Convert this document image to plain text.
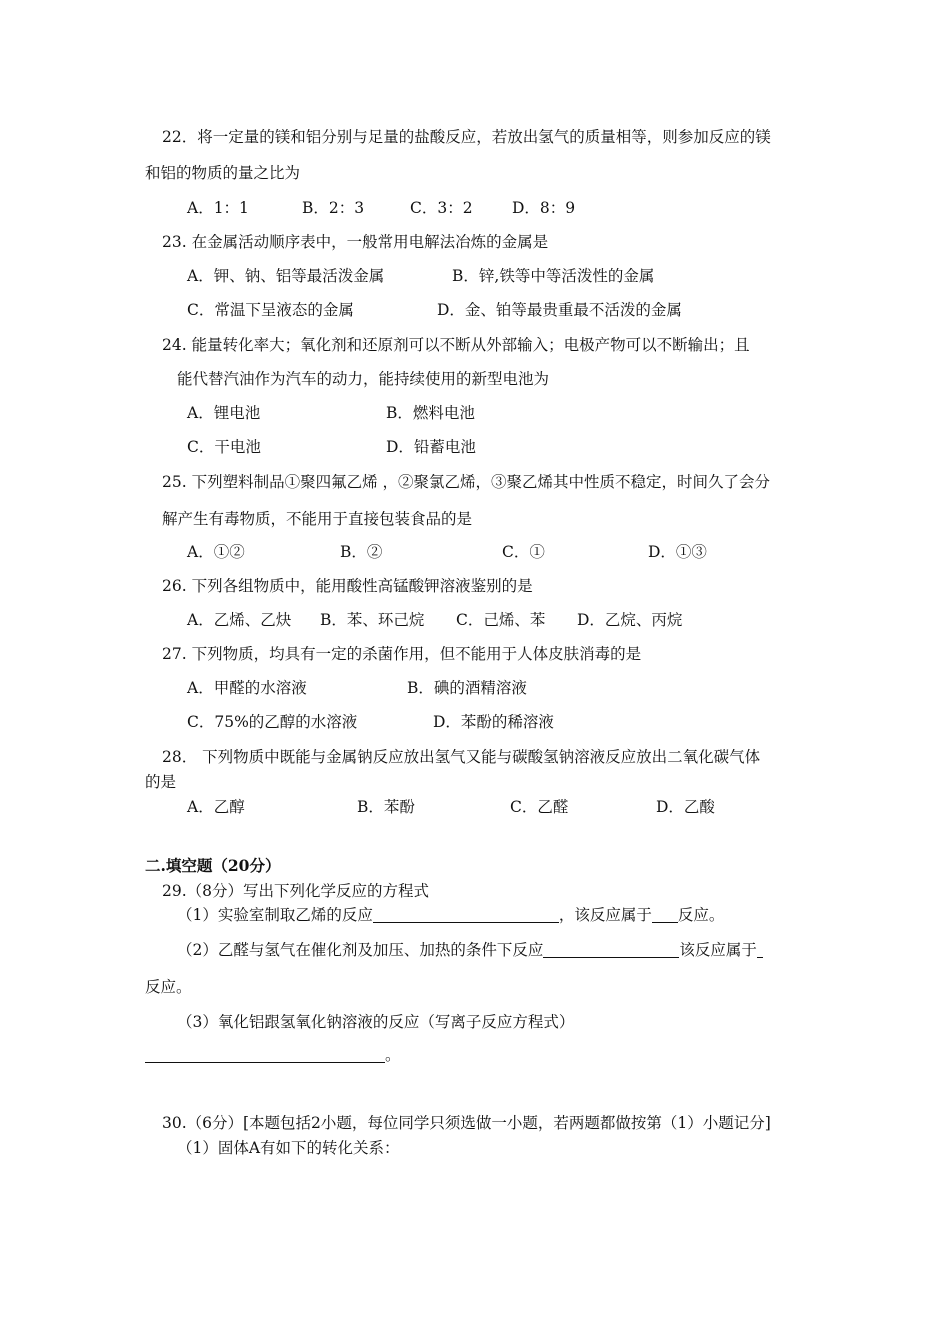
22．将一定量的镁和铝分别与足量的盐酸反应，若放出氢气的质量相等，则参加反应的镁
和铝的物质的量之比为
A．1：1	B．2：3	C．3：2	D．8：9
23. 在金属活动顺序表中，一般常用电解法冶炼的金属是
A．钾、钠、铝等最活泼金属	B．锌,铁等中等活泼性的金属
C．常温下呈液态的金属	D．金、铂等最贵重最不活泼的金属
24. 能量转化率大；氧化剂和还原剂可以不断从外部输入；电极产物可以不断输出；且
能代替汽油作为汽车的动力，能持续使用的新型电池为
A．锂电池	B．燃料电池
C．干电池	D．铅蓄电池
25. 下列塑料制品①聚四氟乙烯 ，②聚氯乙烯，③聚乙烯其中性质不稳定，时间久了会分
解产生有毒物质，不能用于直接包装食品的是
A．①②	B．②	C．①	D．①③
26. 下列各组物质中，能用酸性高锰酸钾溶液鉴别的是
A．乙烯、乙炔 B．苯、环己烷 C．己烯、苯 D．乙烷、丙烷
27. 下列物质，均具有一定的杀菌作用，但不能用于人体皮肤消毒的是
A．甲醛的水溶液	B．碘的酒精溶液
C．75%的乙醇的水溶液	D．苯酚的稀溶液
28． 下列物质中既能与金属钠反应放出氢气又能与碳酸氢钠溶液反应放出二氧化碳气体
的是
A．乙醇	B．苯酚	C．乙醛	D．乙酸
二.填空题（20分）
29.（8分）写出下列化学反应的方程式
（1）实验室制取乙烯的反应	，该反应属于 反应。
（2）乙醛与氢气在催化剂及加压、加热的条件下反应	该反应属于
反应。
（3）氧化铝跟氢氧化钠溶液的反应（写离子反应方程式）
。
30.（6分）[本题包括2小题，每位同学只须选做一小题，若两题都做按第（1）小题记分]
（1）固体A有如下的转化关系：
